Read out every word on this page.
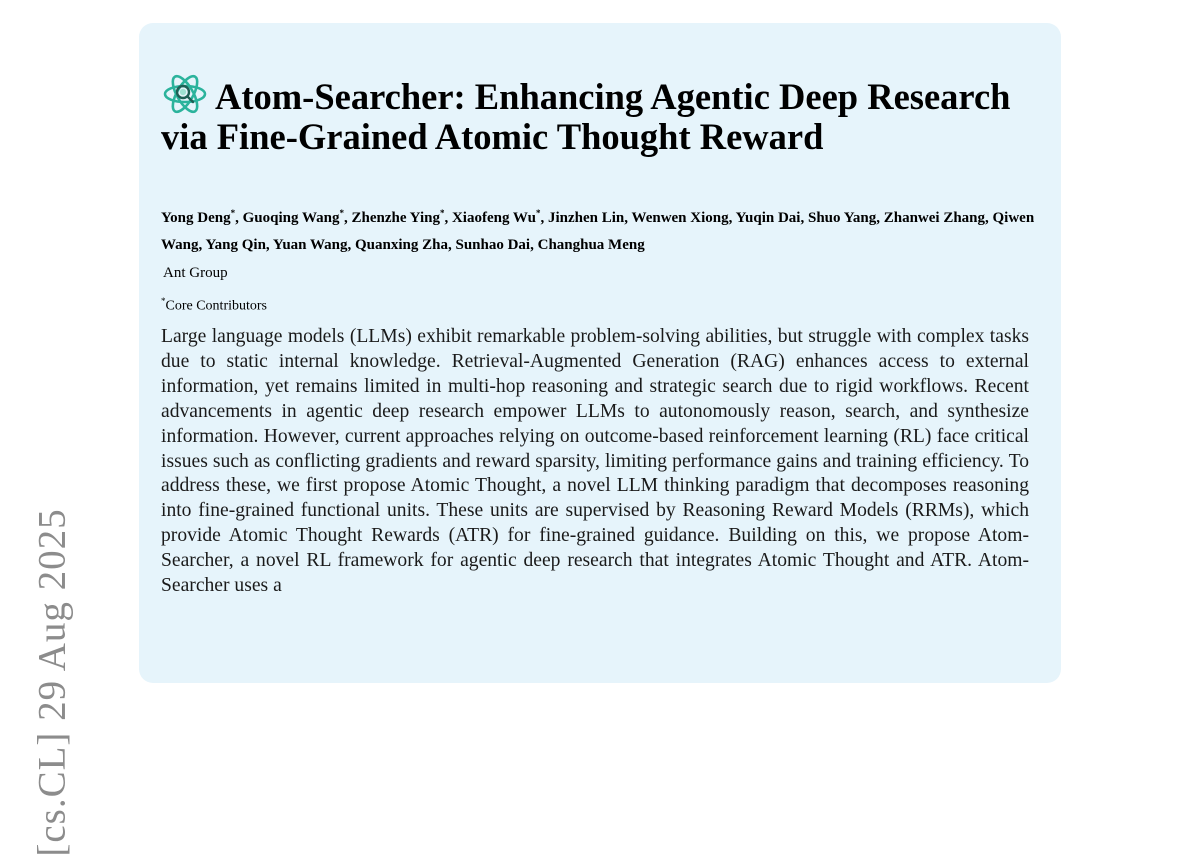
[cs.CL] 29 Aug 2025
Atom-Searcher: Enhancing Agentic Deep Research via Fine-Grained Atomic Thought Reward
Yong Deng*, Guoqing Wang*, Zhenzhe Ying*, Xiaofeng Wu*, Jinzhen Lin, Wenwen Xiong, Yuqin Dai, Shuo Yang, Zhanwei Zhang, Qiwen Wang, Yang Qin, Yuan Wang, Quanxing Zha, Sunhao Dai, Changhua Meng
Ant Group
*Core Contributors

Large language models (LLMs) exhibit remarkable problem-solving abilities, but struggle with complex tasks due to static internal knowledge. Retrieval-Augmented Generation (RAG) enhances access to external information, yet remains limited in multi-hop reasoning and strategic search due to rigid workflows. Recent advancements in agentic deep research empower LLMs to autonomously reason, search, and synthesize information. However, current approaches relying on outcome-based reinforcement learning (RL) face critical issues such as conflicting gradients and reward sparsity, limiting performance gains and training efficiency. To address these, we first propose Atomic Thought, a novel LLM thinking paradigm that decomposes reasoning into fine-grained functional units. These units are supervised by Reasoning Reward Models (RRMs), which provide Atomic Thought Rewards (ATR) for fine-grained guidance. Building on this, we propose Atom-Searcher, a novel RL framework for agentic deep research that integrates Atomic Thought and ATR. Atom-Searcher uses a
